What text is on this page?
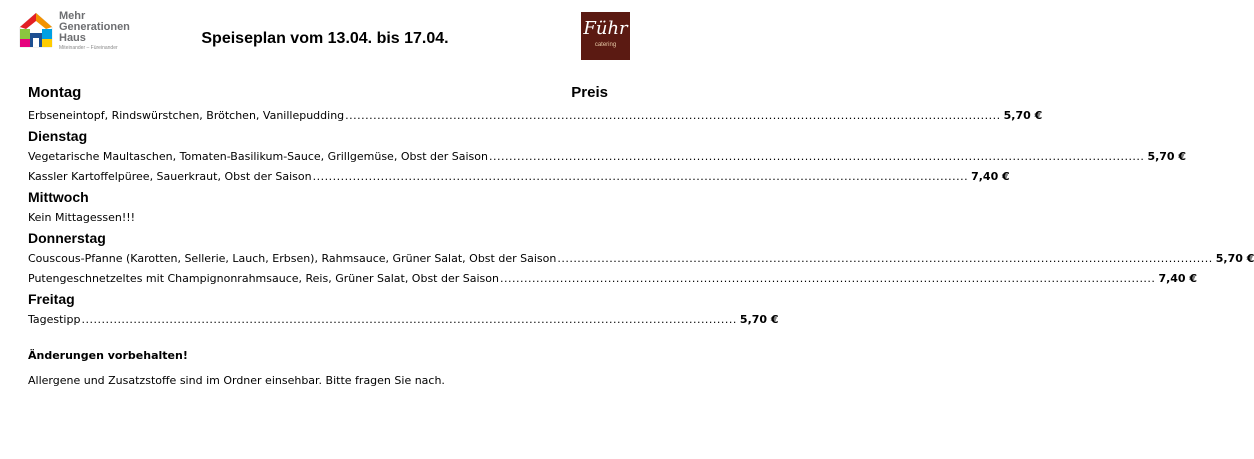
Mehr
Generationen
Haus
Miteinander – Füreinander
Speiseplan vom 13.04. bis 17.04.	Führ
catering
Montag	Preis
Erbseneintopf, Rindswürstchen, Brötchen, Vanillepudding .................................................................................................................................................................... 5,70 €
Dienstag
Vegetarische Maultaschen, Tomaten-Basilikum-Sauce, Grillgemüse, Obst der Saison .................................................................................................................................................................... 5,70 €
Kassler Kartoffelpüree, Sauerkraut, Obst der Saison .................................................................................................................................................................... 7,40 €
Mittwoch
Kein Mittagessen!!!
Donnerstag
Couscous-Pfanne (Karotten, Sellerie, Lauch, Erbsen), Rahmsauce, Grüner Salat, Obst der Saison .................................................................................................................................................................... 5,70 €
Putengeschnetzeltes mit Champignonrahmsauce, Reis, Grüner Salat, Obst der Saison .................................................................................................................................................................... 7,40 €
Freitag
Tagestipp .................................................................................................................................................................... 5,70 €
Änderungen vorbehalten!
Allergene und Zusatzstoffe sind im Ordner einsehbar. Bitte fragen Sie nach.
